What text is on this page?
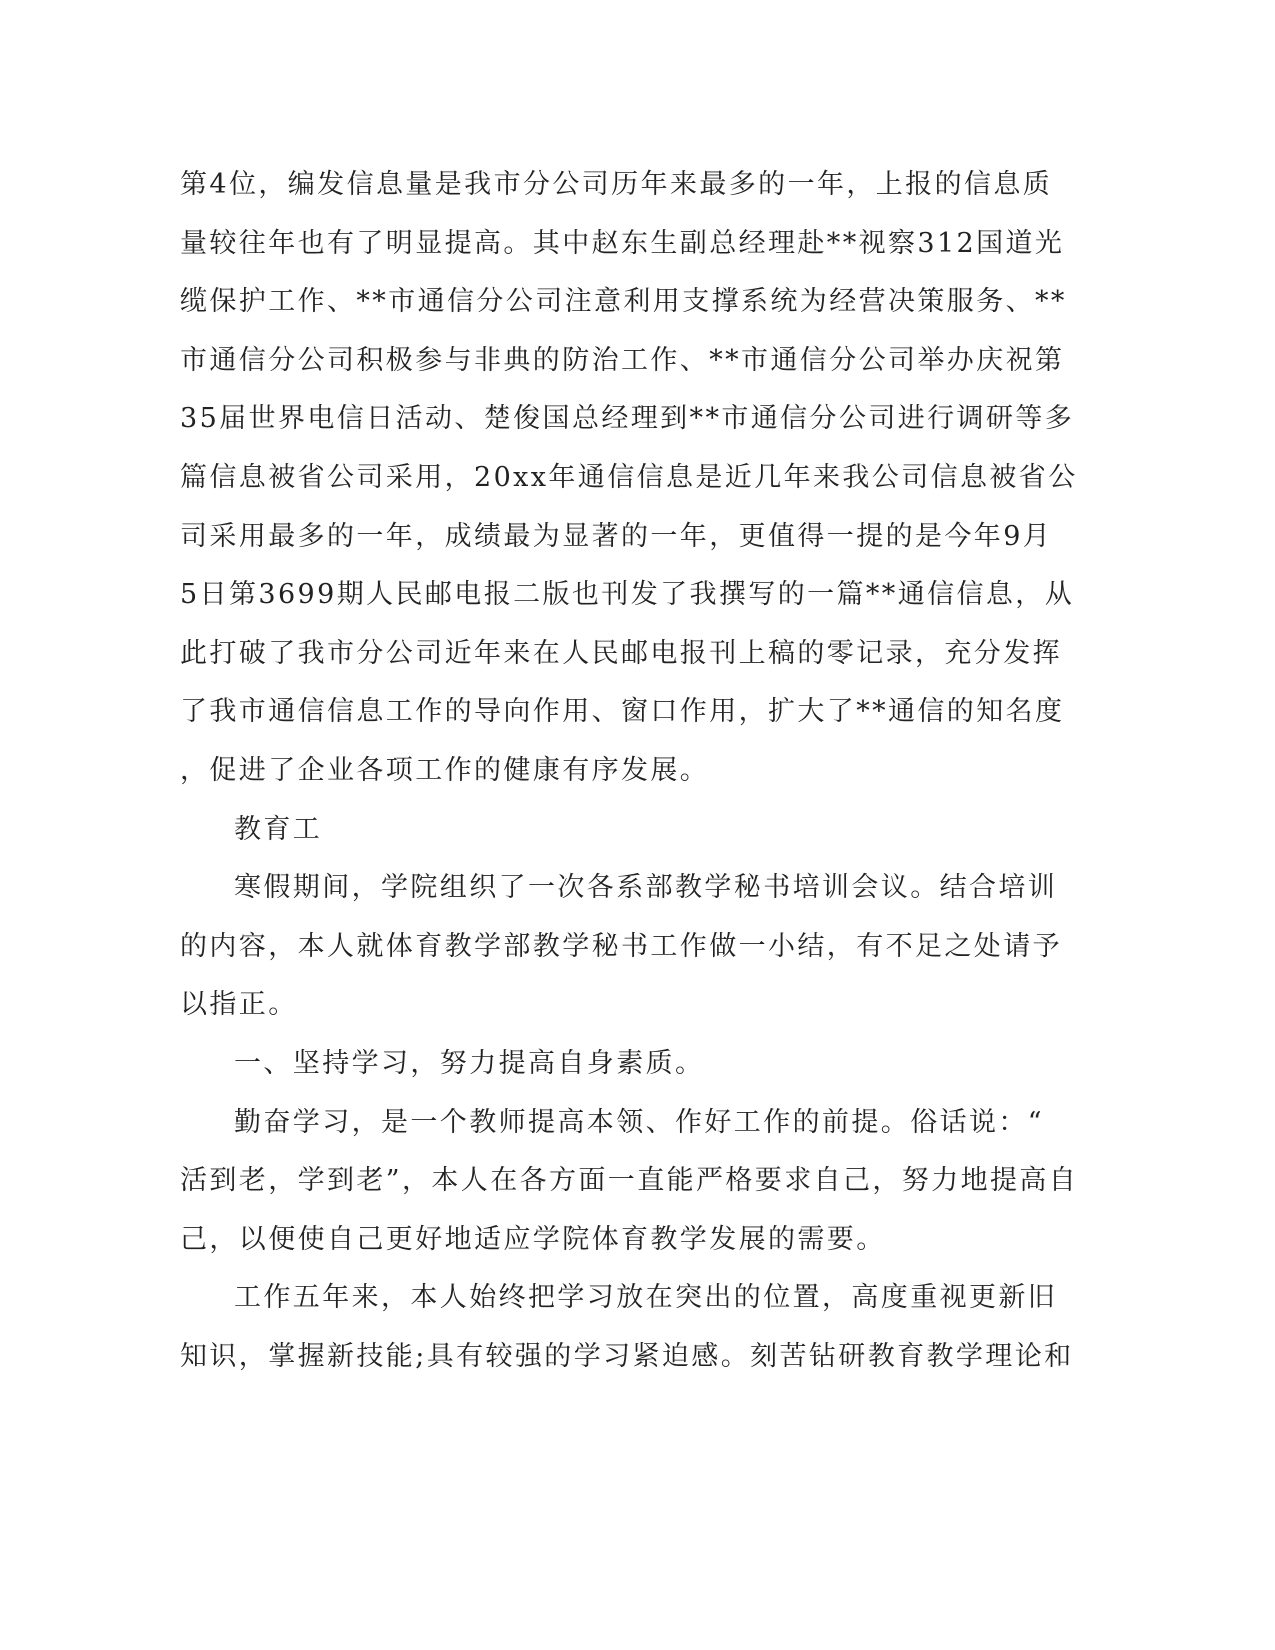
第4位，编发信息量是我市分公司历年来最多的一年，上报的信息质
量较往年也有了明显提高。其中赵东生副总经理赴**视察312国道光
缆保护工作、**市通信分公司注意利用支撑系统为经营决策服务、**
市通信分公司积极参与非典的防治工作、**市通信分公司举办庆祝第
35届世界电信日活动、楚俊国总经理到**市通信分公司进行调研等多
篇信息被省公司采用，20xx年通信信息是近几年来我公司信息被省公
司采用最多的一年，成绩最为显著的一年，更值得一提的是今年9月
5日第3699期人民邮电报二版也刊发了我撰写的一篇**通信信息，从
此打破了我市分公司近年来在人民邮电报刊上稿的零记录，充分发挥
了我市通信信息工作的导向作用、窗口作用，扩大了**通信的知名度
，促进了企业各项工作的健康有序发展。

教育工

寒假期间，学院组织了一次各系部教学秘书培训会议。结合培训
的内容，本人就体育教学部教学秘书工作做一小结，有不足之处请予
以指正。

一、坚持学习，努力提高自身素质。

勤奋学习，是一个教师提高本领、作好工作的前提。俗话说：“
活到老，学到老”，本人在各方面一直能严格要求自己，努力地提高自
己，以便使自己更好地适应学院体育教学发展的需要。

工作五年来，本人始终把学习放在突出的位置，高度重视更新旧
知识，掌握新技能;具有较强的学习紧迫感。刻苦钻研教育教学理论和
